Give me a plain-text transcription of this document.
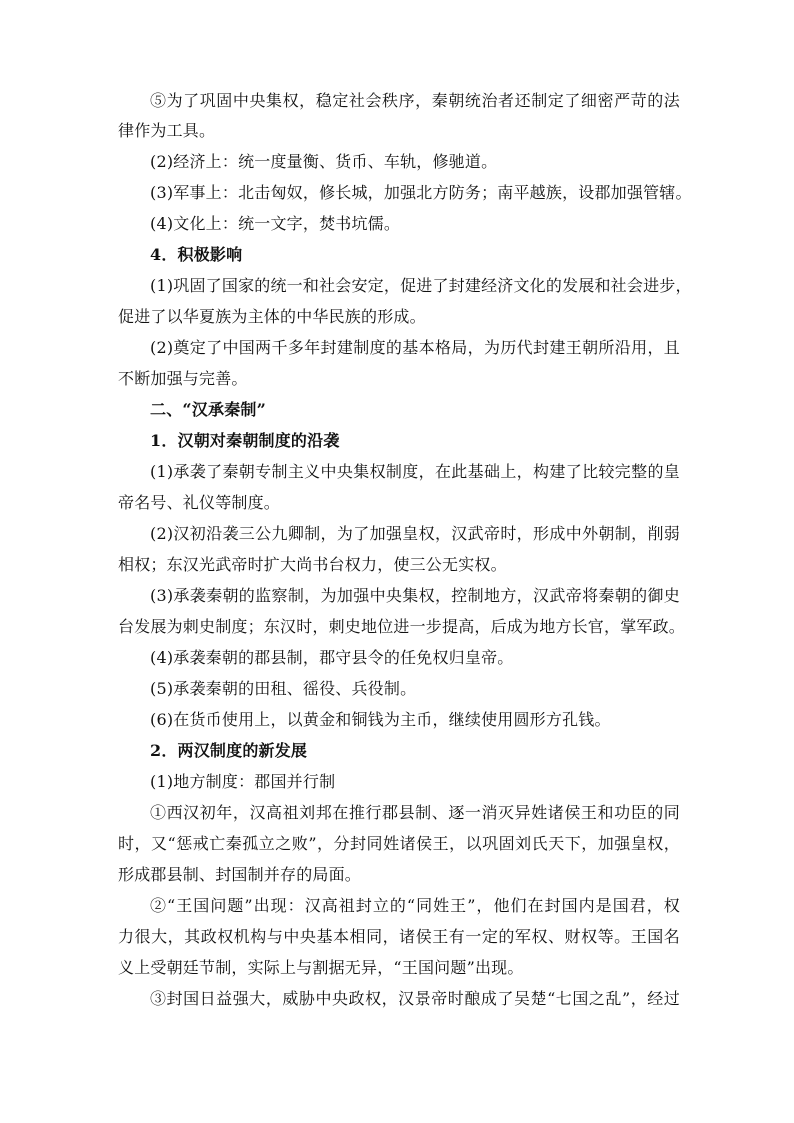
⑤为了巩固中央集权，稳定社会秩序，秦朝统治者还制定了细密严苛的法
律作为工具。
(2)经济上：统一度量衡、货币、车轨，修驰道。
(3)军事上：北击匈奴，修长城，加强北方防务；南平越族，设郡加强管辖。
(4)文化上：统一文字，焚书坑儒。
4．积极影响
(1)巩固了国家的统一和社会安定，促进了封建经济文化的发展和社会进步，
促进了以华夏族为主体的中华民族的形成。
(2)奠定了中国两千多年封建制度的基本格局，为历代封建王朝所沿用，且
不断加强与完善。
二、“汉承秦制”
1．汉朝对秦朝制度的沿袭
(1)承袭了秦朝专制主义中央集权制度，在此基础上，构建了比较完整的皇
帝名号、礼仪等制度。
(2)汉初沿袭三公九卿制，为了加强皇权，汉武帝时，形成中外朝制，削弱
相权；东汉光武帝时扩大尚书台权力，使三公无实权。
(3)承袭秦朝的监察制，为加强中央集权，控制地方，汉武帝将秦朝的御史
台发展为刺史制度；东汉时，刺史地位进一步提高，后成为地方长官，掌军政。
(4)承袭秦朝的郡县制，郡守县令的任免权归皇帝。
(5)承袭秦朝的田租、徭役、兵役制。
(6)在货币使用上，以黄金和铜钱为主币，继续使用圆形方孔钱。
2．两汉制度的新发展
(1)地方制度：郡国并行制
①西汉初年，汉高祖刘邦在推行郡县制、逐一消灭异姓诸侯王和功臣的同
时，又“惩戒亡秦孤立之败”，分封同姓诸侯王，以巩固刘氏天下，加强皇权，
形成郡县制、封国制并存的局面。
②“王国问题”出现：汉高祖封立的“同姓王”，他们在封国内是国君，权
力很大，其政权机构与中央基本相同，诸侯王有一定的军权、财权等。王国名
义上受朝廷节制，实际上与割据无异，“王国问题”出现。
③封国日益强大，威胁中央政权，汉景帝时酿成了吴楚“七国之乱”，经过
